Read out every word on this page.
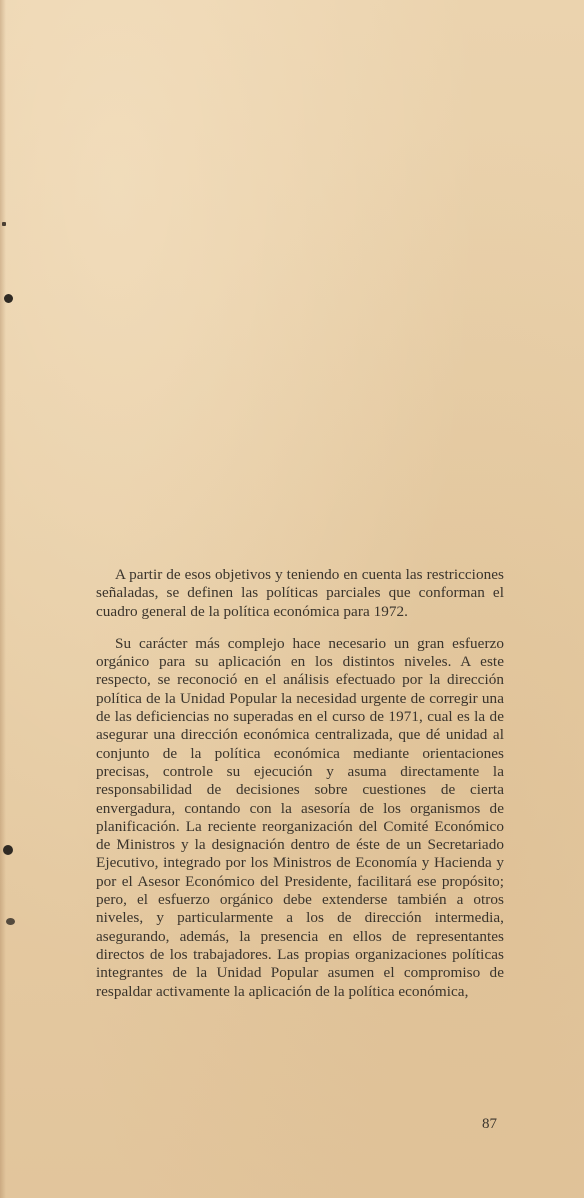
A partir de esos objetivos y teniendo en cuenta las restricciones señaladas, se definen las políticas parciales que conforman el cuadro general de la política económica para 1972.

Su carácter más complejo hace necesario un gran esfuerzo orgánico para su aplicación en los distintos niveles. A este respecto, se reconoció en el análisis efectuado por la dirección política de la Unidad Popular la necesidad urgente de corregir una de las deficiencias no superadas en el curso de 1971, cual es la de asegurar una dirección económica centralizada, que dé unidad al conjunto de la política económica mediante orientaciones precisas, controle su ejecución y asuma directamente la responsabilidad de decisiones sobre cuestiones de cierta envergadura, contando con la asesoría de los organismos de planificación. La reciente reorganización del Comité Económico de Ministros y la designación dentro de éste de un Secretariado Ejecutivo, integrado por los Ministros de Economía y Hacienda y por el Asesor Económico del Presidente, facilitará ese propósito; pero, el esfuerzo orgánico debe extenderse también a otros niveles, y particularmente a los de dirección intermedia, asegurando, además, la presencia en ellos de representantes directos de los trabajadores. Las propias organizaciones políticas integrantes de la Unidad Popular asumen el compromiso de respaldar activamente la aplicación de la política económica,

87
